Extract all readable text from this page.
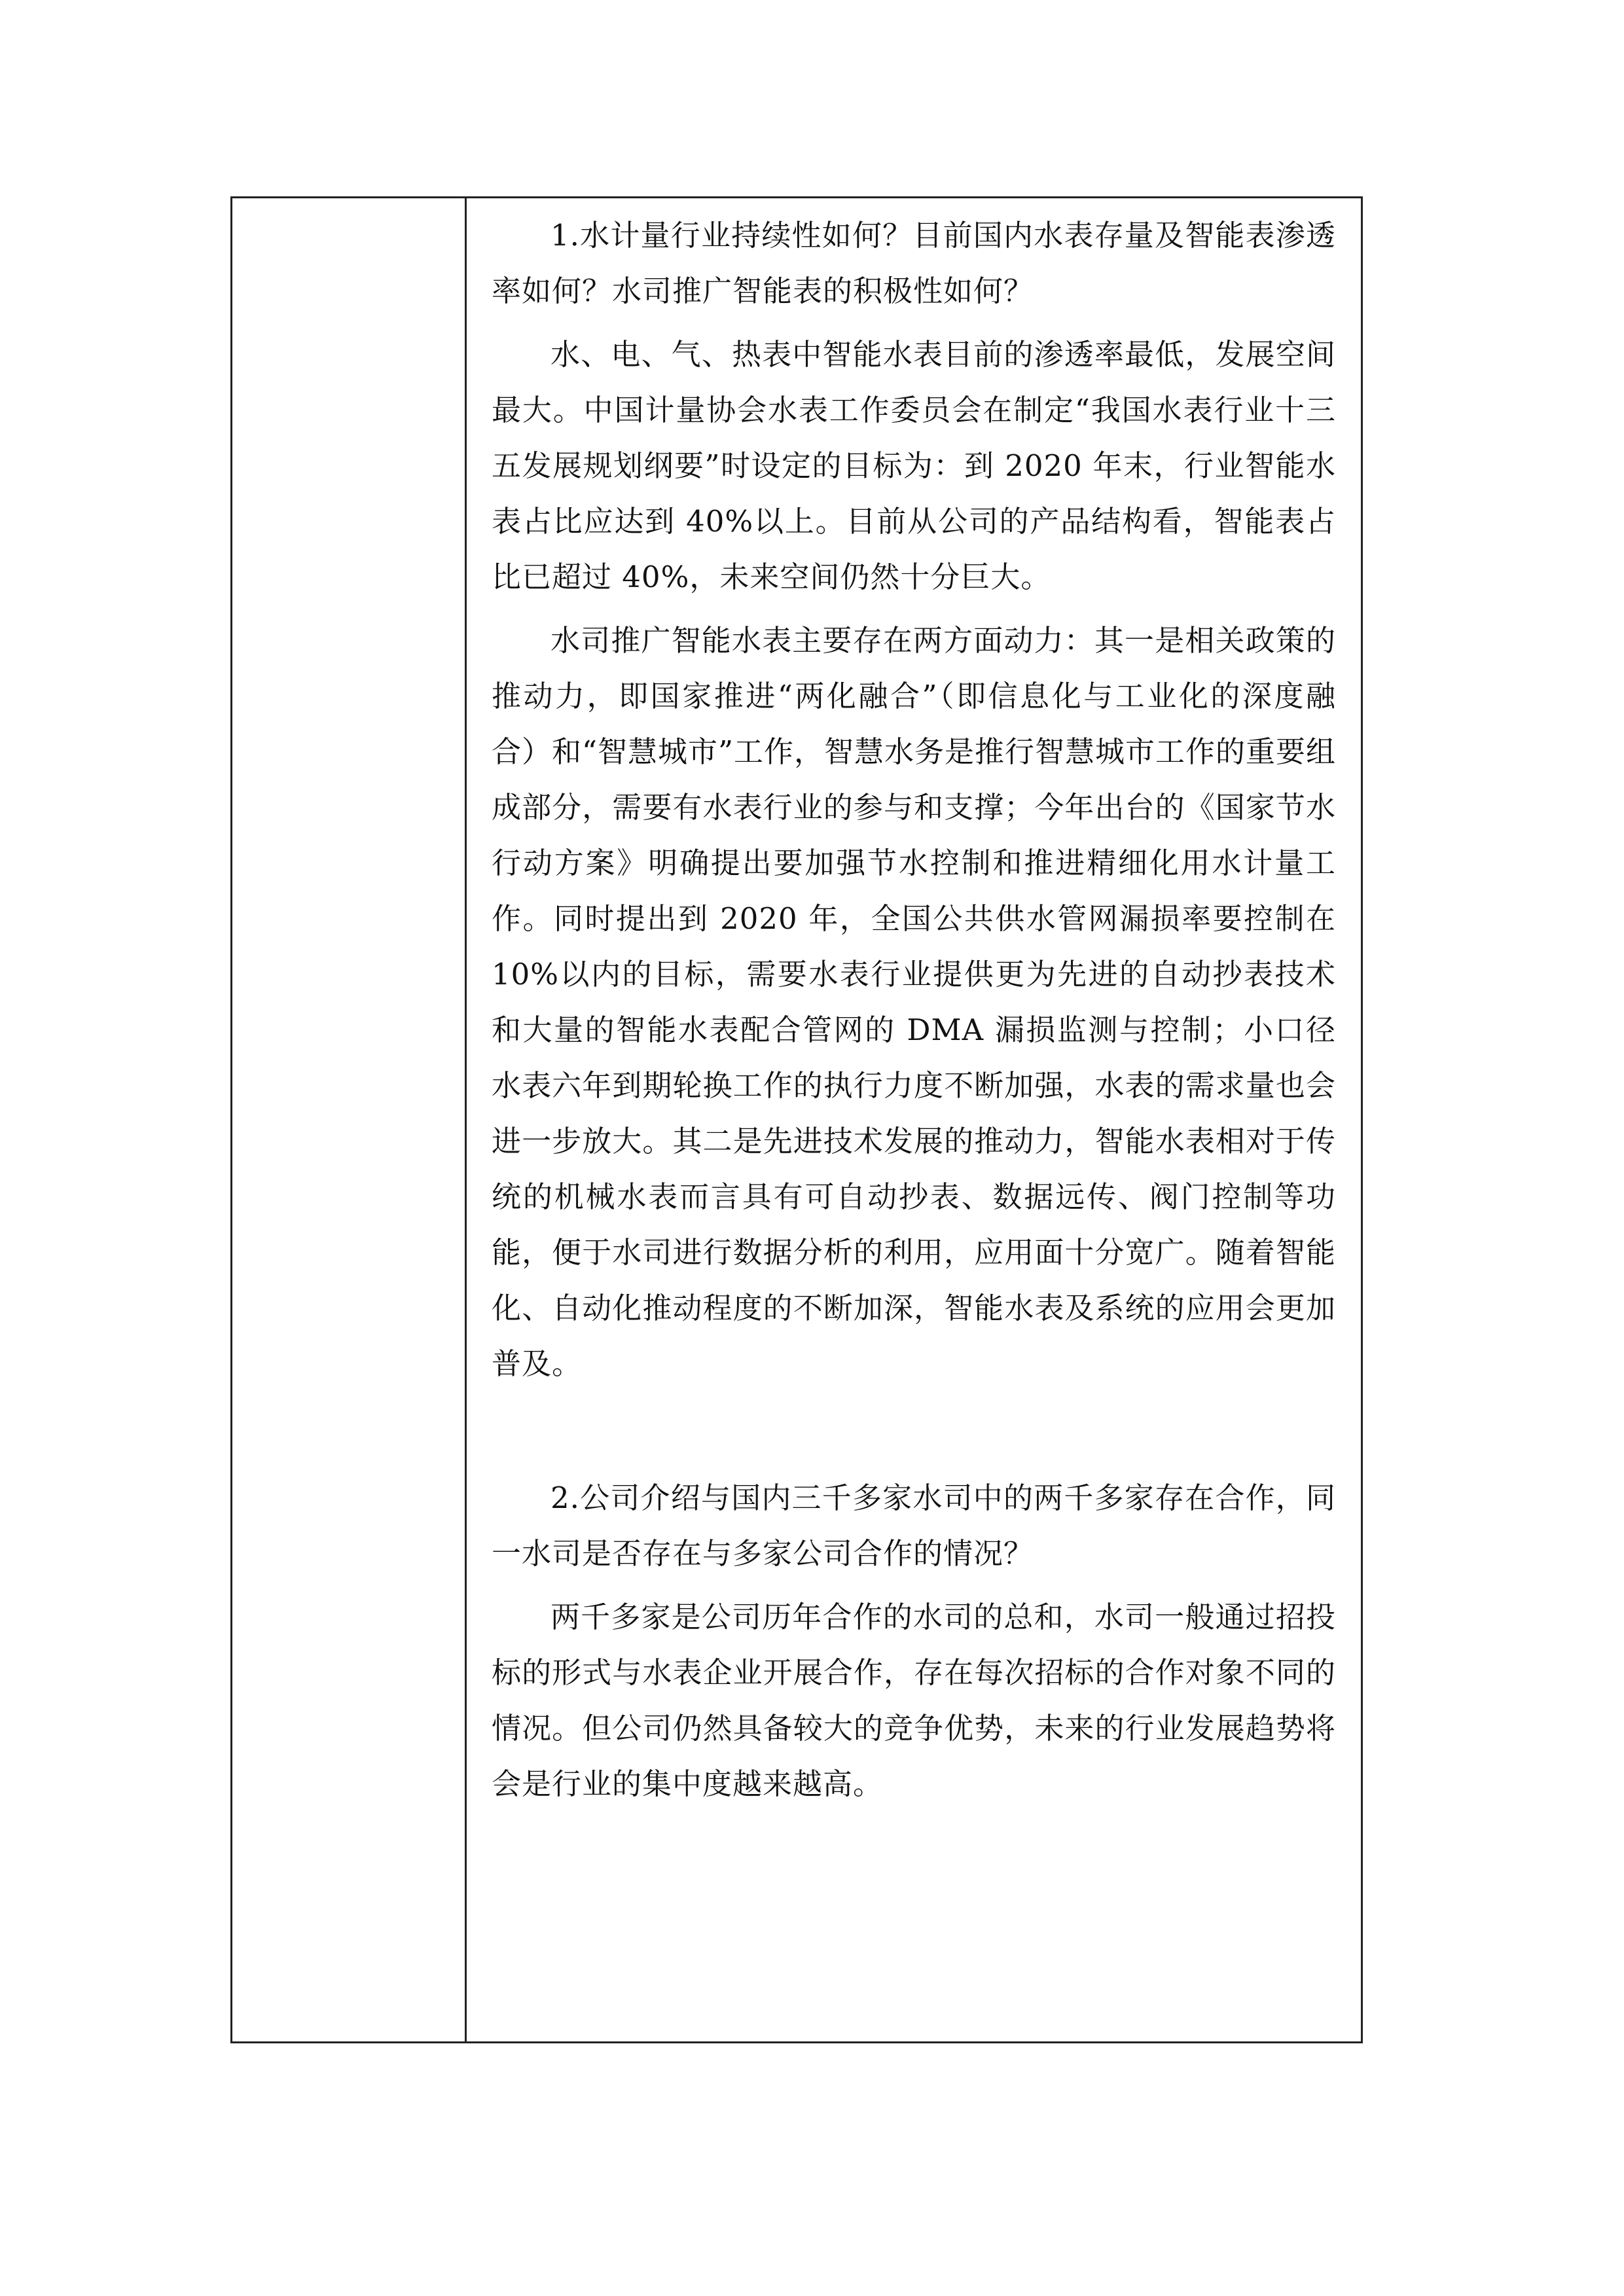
1.水计量行业持续性如何？目前国内水表存量及智能表渗透率如何？水司推广智能表的积极性如何？

水、电、气、热表中智能水表目前的渗透率最低，发展空间最大。中国计量协会水表工作委员会在制定“我国水表行业十三五发展规划纲要”时设定的目标为：到 2020 年末，行业智能水表占比应达到 40%以上。目前从公司的产品结构看，智能表占比已超过 40%，未来空间仍然十分巨大。

水司推广智能水表主要存在两方面动力：其一是相关政策的推动力，即国家推进“两化融合”（即信息化与工业化的深度融合）和“智慧城市”工作，智慧水务是推行智慧城市工作的重要组成部分，需要有水表行业的参与和支撑；今年出台的《国家节水行动方案》明确提出要加强节水控制和推进精细化用水计量工作。同时提出到 2020 年，全国公共供水管网漏损率要控制在 10%以内的目标，需要水表行业提供更为先进的自动抄表技术和大量的智能水表配合管网的 DMA 漏损监测与控制；小口径水表六年到期轮换工作的执行力度不断加强，水表的需求量也会进一步放大。其二是先进技术发展的推动力，智能水表相对于传统的机械水表而言具有可自动抄表、数据远传、阀门控制等功能，便于水司进行数据分析的利用，应用面十分宽广。随着智能化、自动化推动程度的不断加深，智能水表及系统的应用会更加普及。

2.公司介绍与国内三千多家水司中的两千多家存在合作，同一水司是否存在与多家公司合作的情况？

两千多家是公司历年合作的水司的总和，水司一般通过招投标的形式与水表企业开展合作，存在每次招标的合作对象不同的情况。但公司仍然具备较大的竞争优势，未来的行业发展趋势将会是行业的集中度越来越高。
